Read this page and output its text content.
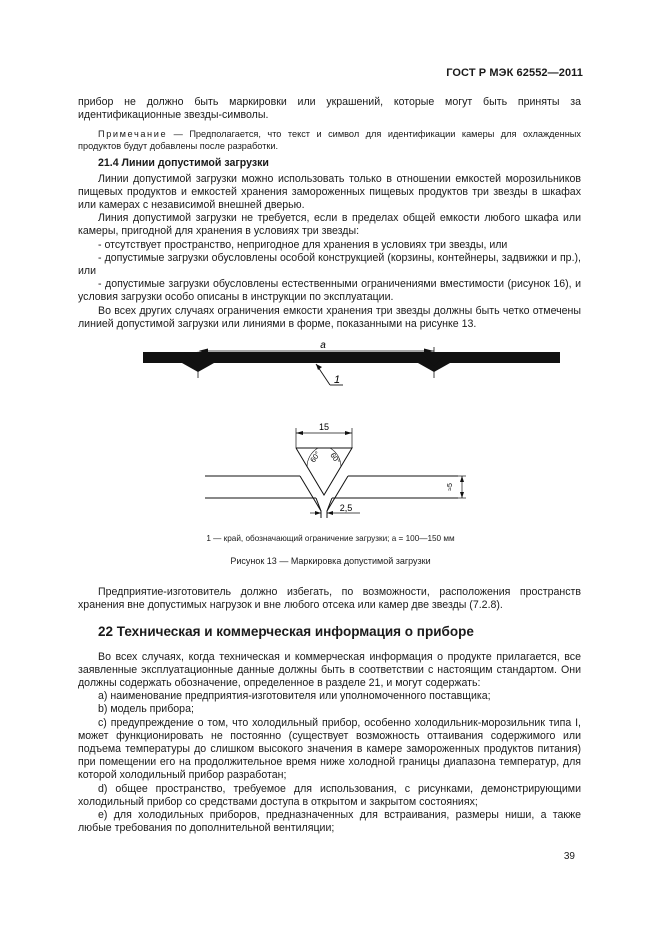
ГОСТ Р МЭК 62552—2011

прибор не должно быть маркировки или украшений, которые могут быть приняты за идентификационные звезды-символы.

Примечание — Предполагается, что текст и символ для идентификации камеры для охлажденных продуктов будут добавлены после разработки.

21.4 Линии допустимой загрузки

Линии допустимой загрузки можно использовать только в отношении емкостей морозильников пищевых продуктов и емкостей хранения замороженных пищевых продуктов три звезды в шкафах или камерах с независимой внешней дверью.

Линия допустимой загрузки не требуется, если в пределах общей емкости любого шкафа или камеры, пригодной для хранения в условиях три звезды:

- отсутствует пространство, непригодное для хранения в условиях три звезды, или

- допустимые загрузки обусловлены особой конструкцией (корзины, контейнеры, задвижки и пр.), или

- допустимые загрузки обусловлены естественными ограничениями вместимости (рисунок 16), и условия загрузки особо описаны в инструкции по эксплуатации.

Во всех других случаях ограничения емкости хранения три звезды должны быть четко отмечены линией допустимой загрузки или линиями в форме, показанными на рисунке 13.

а
1
15
60° 60°
≈5
2,5
1 — край, обозначающий ограничение загрузки; а = 100—150 мм
Рисунок 13 — Маркировка допустимой загрузки

Предприятие-изготовитель должно избегать, по возможности, расположения пространств хранения вне допустимых нагрузок и вне любого отсека или камер две звезды (7.2.8).

22 Техническая и коммерческая информация о приборе

Во всех случаях, когда техническая и коммерческая информация о продукте прилагается, все заявленные эксплуатационные данные должны быть в соответствии с настоящим стандартом. Они должны содержать обозначение, определенное в разделе 21, и могут содержать:

а) наименование предприятия-изготовителя или уполномоченного поставщика;

b) модель прибора;

c) предупреждение о том, что холодильный прибор, особенно холодильник-морозильник типа I, может функционировать не постоянно (существует возможность оттаивания содержимого или подъема температуры до слишком высокого значения в камере замороженных продуктов питания) при помещении его на продолжительное время ниже холодной границы диапазона температур, для которой холодильный прибор разработан;

d) общее пространство, требуемое для использования, с рисунками, демонстрирующими холодильный прибор со средствами доступа в открытом и закрытом состояниях;

e) для холодильных приборов, предназначенных для встраивания, размеры ниши, а также любые требования по дополнительной вентиляции;

39
